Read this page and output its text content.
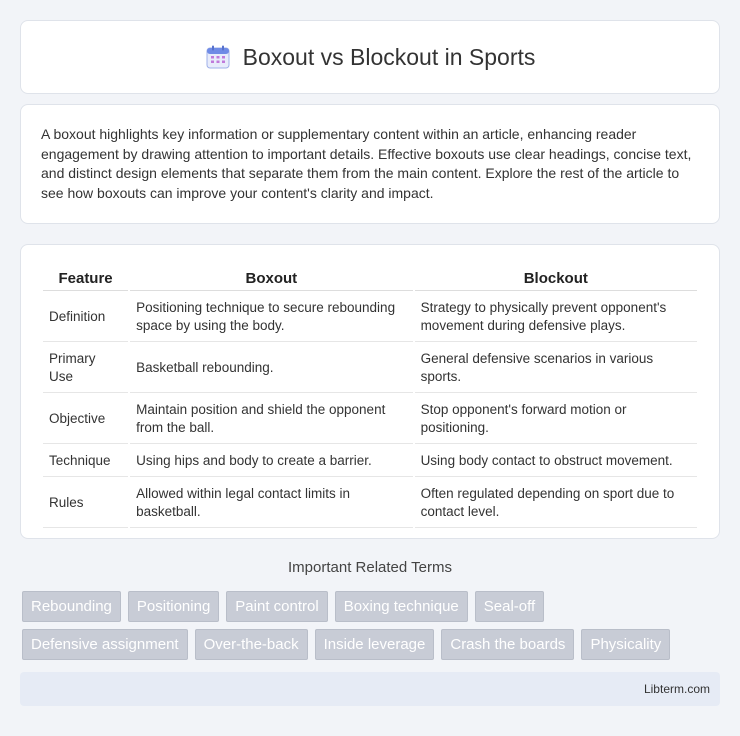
Boxout vs Blockout in Sports

A boxout highlights key information or supplementary content within an article, enhancing reader engagement by drawing attention to important details. Effective boxouts use clear headings, concise text, and distinct design elements that separate them from the main content. Explore the rest of the article to see how boxouts can improve your content's clarity and impact.

Feature	Boxout	Blockout
Definition	Positioning technique to secure rebounding space by using the body.	Strategy to physically prevent opponent's movement during defensive plays.
Primary Use	Basketball rebounding.	General defensive scenarios in various sports.
Objective	Maintain position and shield the opponent from the ball.	Stop opponent's forward motion or positioning.
Technique	Using hips and body to create a barrier.	Using body contact to obstruct movement.
Rules	Allowed within legal contact limits in basketball.	Often regulated depending on sport due to contact level.
Important Related Terms
Rebounding	Positioning	Paint control	Boxing technique	Seal-off
Defensive assignment	Over-the-back	Inside leverage	Crash the boards	Physicality
Libterm.com
